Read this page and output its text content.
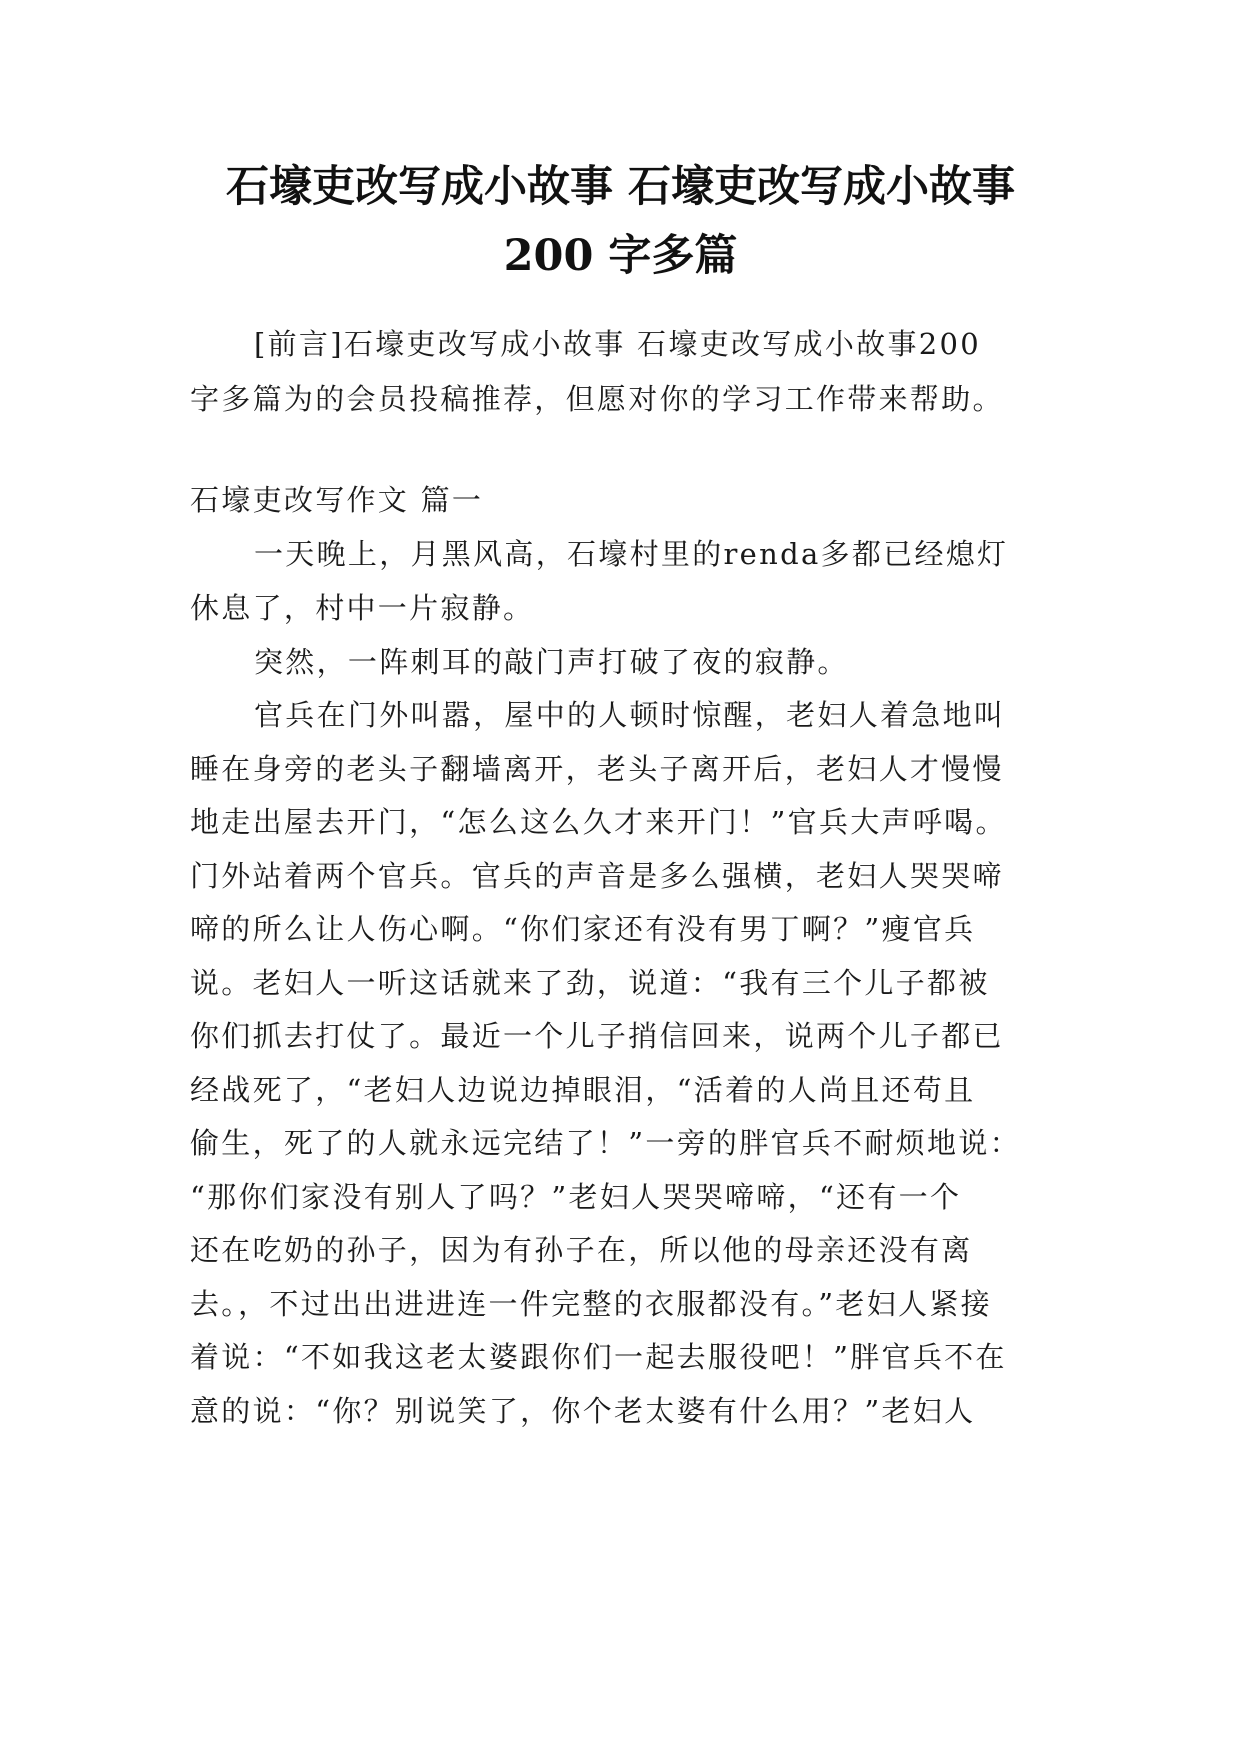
石壕吏改写成小故事 石壕吏改写成小故事
200 字多篇

[前言]石壕吏改写成小故事 石壕吏改写成小故事200

字多篇为的会员投稿推荐，但愿对你的学习工作带来帮助。

石壕吏改写作文 篇一

一天晚上，月黑风高，石壕村里的renda多都已经熄灯

休息了，村中一片寂静。

突然，一阵刺耳的敲门声打破了夜的寂静。

官兵在门外叫嚣，屋中的人顿时惊醒，老妇人着急地叫

睡在身旁的老头子翻墙离开，老头子离开后，老妇人才慢慢

地走出屋去开门，“怎么这么久才来开门！”官兵大声呼喝。

门外站着两个官兵。官兵的声音是多么强横，老妇人哭哭啼

啼的所么让人伤心啊。“你们家还有没有男丁啊？”瘦官兵

说。老妇人一听这话就来了劲，说道：“我有三个儿子都被

你们抓去打仗了。最近一个儿子捎信回来，说两个儿子都已

经战死了，“老妇人边说边掉眼泪，“活着的人尚且还苟且

偷生，死了的人就永远完结了！”一旁的胖官兵不耐烦地说：

“那你们家没有别人了吗？”老妇人哭哭啼啼，“还有一个

还在吃奶的孙子，因为有孙子在，所以他的母亲还没有离

去。，不过出出进进连一件完整的衣服都没有。”老妇人紧接

着说：“不如我这老太婆跟你们一起去服役吧！”胖官兵不在

意的说：“你？别说笑了，你个老太婆有什么用？”老妇人
